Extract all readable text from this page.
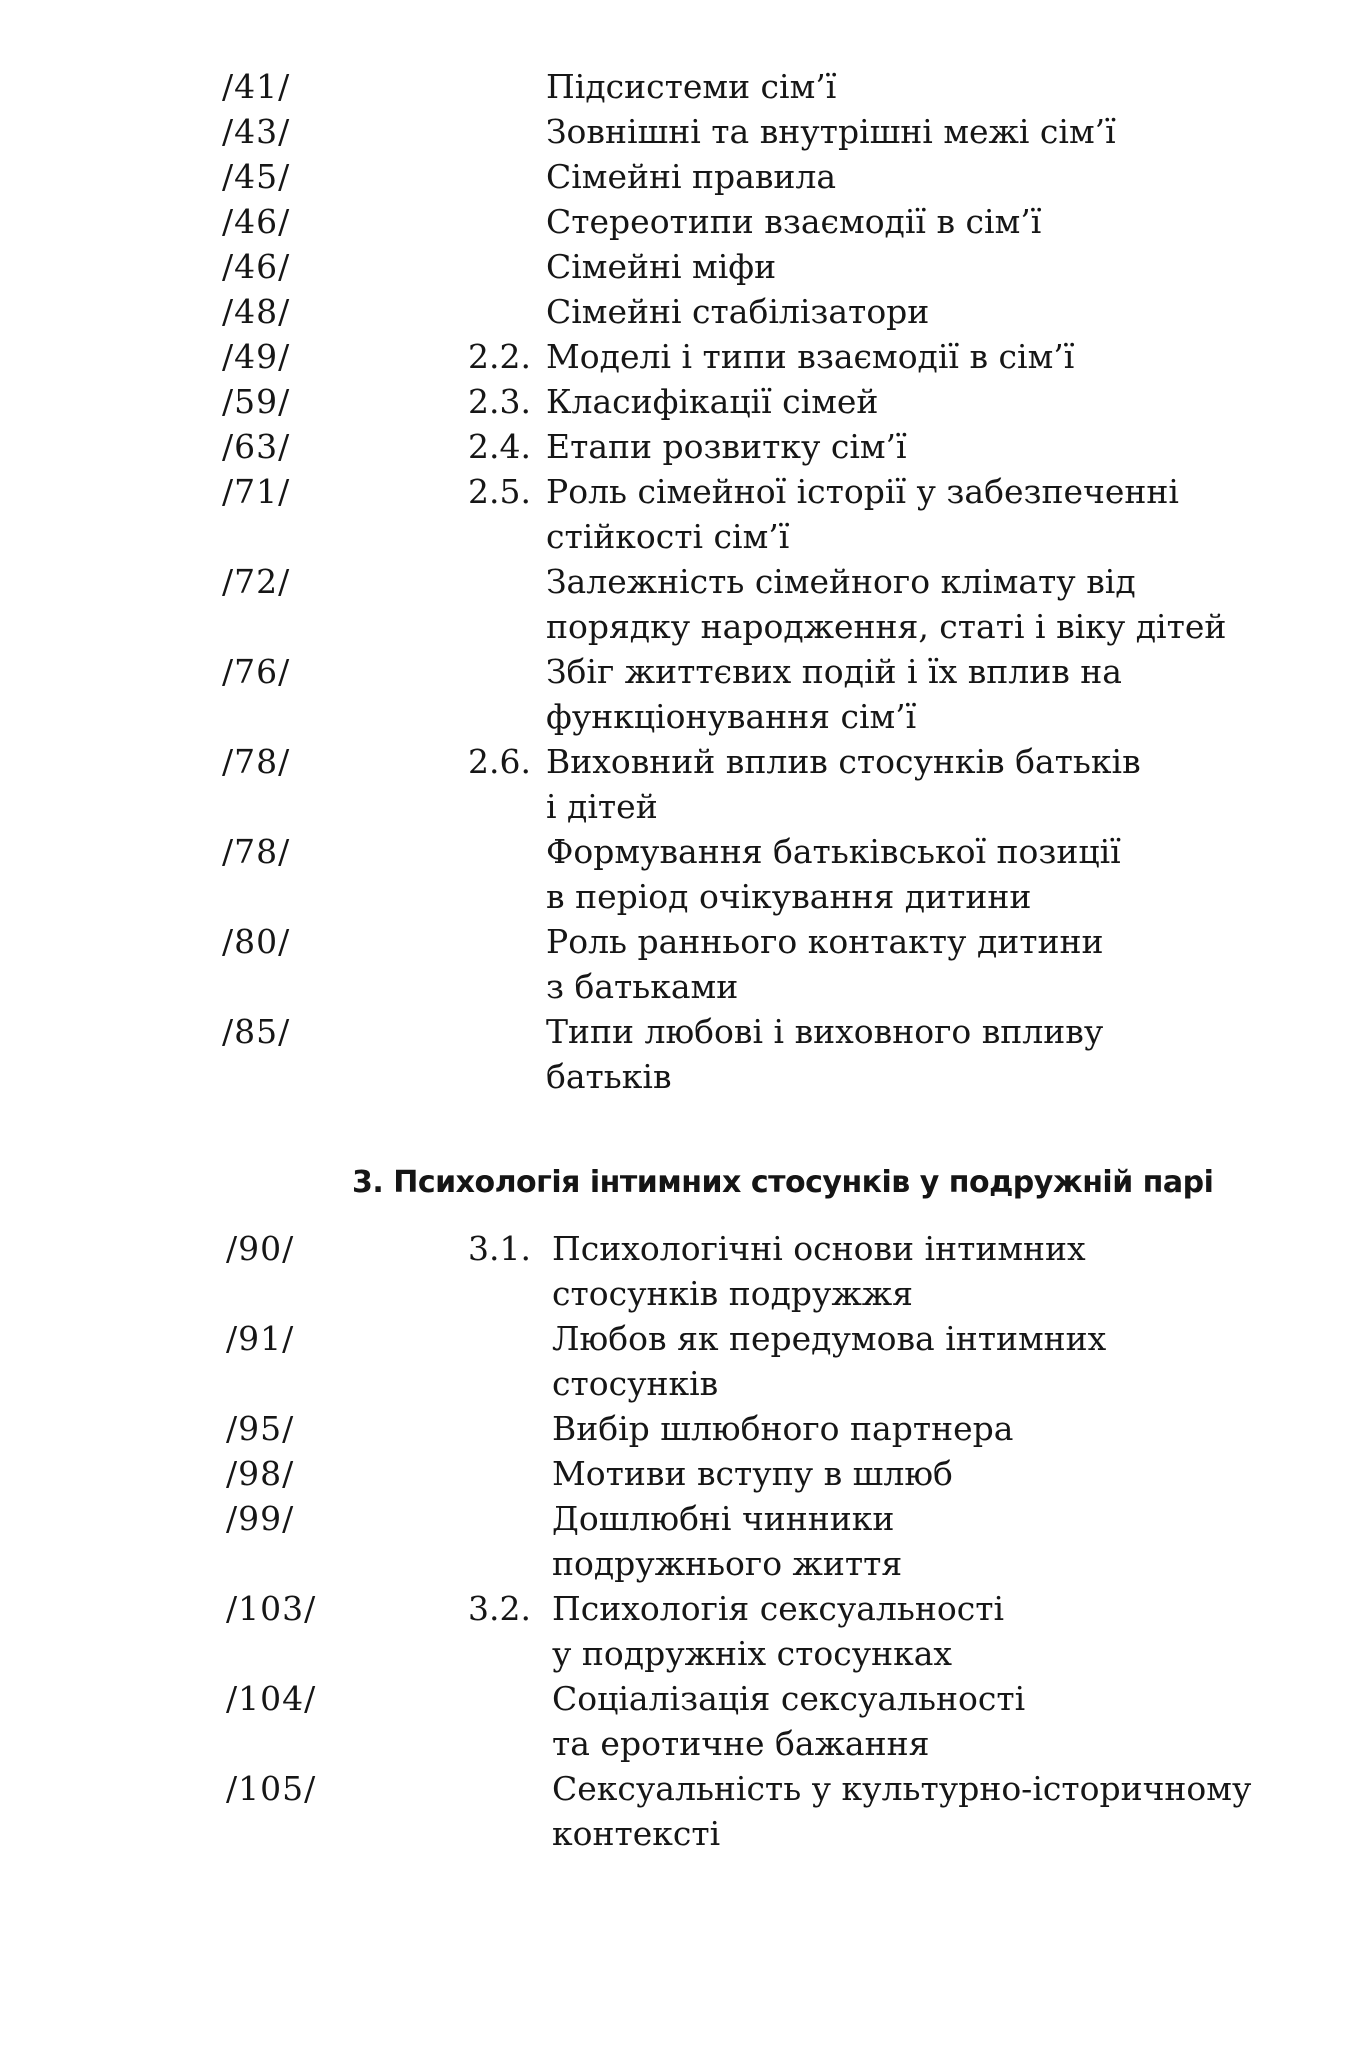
/41/	Підсистеми сім’ї
/43/	Зовнішні та внутрішні межі сім’ї
/45/	Сімейні правила
/46/	Стереотипи взаємодії в сім’ї
/46/	Сімейні міфи
/48/	Сімейні стабілізатори
/49/	2.2. Моделі і типи взаємодії в сім’ї
/59/	2.3. Класифікації сімей
/63/	2.4. Етапи розвитку сім’ї
/71/	2.5. Роль сімейної історії у забезпеченні
стійкості сім’ї
/72/	Залежність сімейного клімату від
порядку народження, статі і віку дітей
/76/	Збіг життєвих подій і їх вплив на
функціонування сім’ї
/78/	2.6. Виховний вплив стосунків батьків
і дітей
/78/	Формування батьківської позиції
в період очікування дитини
/80/	Роль раннього контакту дитини
з батьками
/85/	Типи любові і виховного впливу
батьків
3. Психологія інтимних стосунків у подружній парі
/90/	3.1. Психологічні основи інтимних
стосунків подружжя
/91/	Любов як передумова інтимних
стосунків
/95/	Вибір шлюбного партнера
/98/	Мотиви вступу в шлюб
/99/	Дошлюбні чинники
подружнього життя
/103/	3.2. Психологія сексуальності
у подружніх стосунках
/104/	Соціалізація сексуальності
та еротичне бажання
/105/	Сексуальність у культурно-історичному
контексті
